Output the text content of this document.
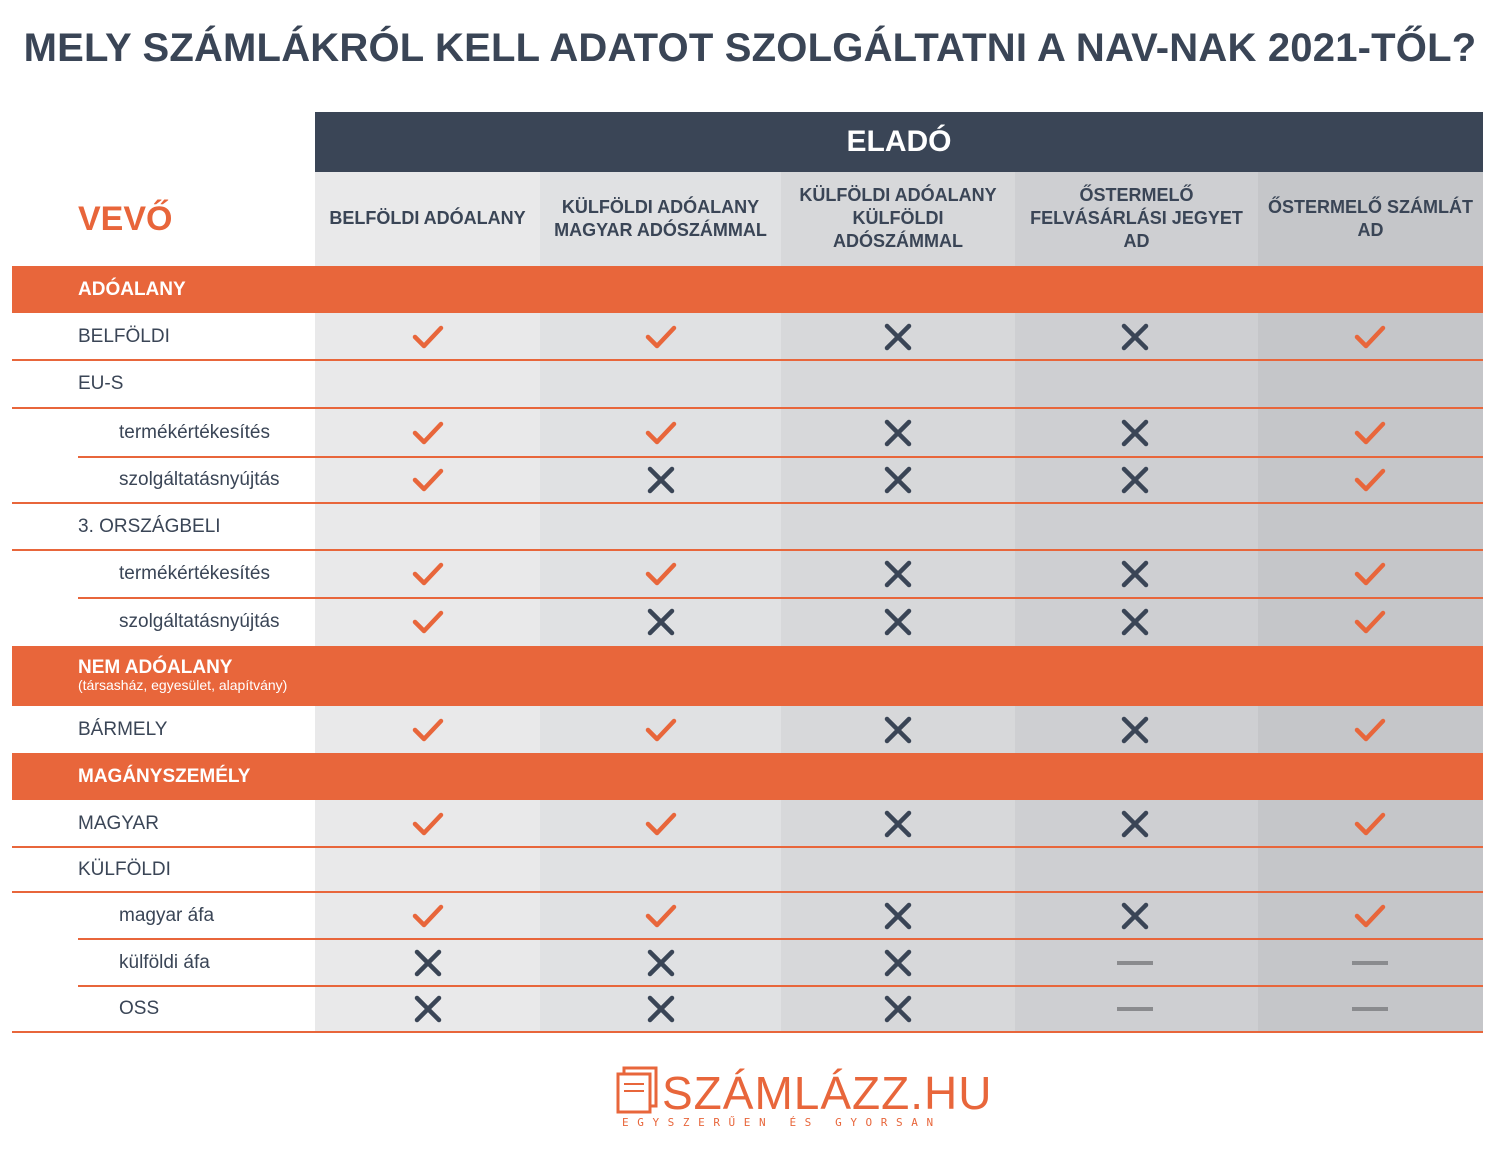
MELY SZÁMLÁKRÓL KELL ADATOT SZOLGÁLTATNI A NAV-NAK 2021-TŐL?
ELADÓ
VEVŐ	BELFÖLDI ADÓALANY
KÜLFÖLDI ADÓALANY MAGYAR ADÓSZÁMMAL
KÜLFÖLDI ADÓALANY KÜLFÖLDI ADÓSZÁMMAL
ŐSTERMELŐ FELVÁSÁRLÁSI JEGYET AD
ŐSTERMELŐ SZÁMLÁT AD
ADÓALANY
NEM ADÓALANY
(társasház, egyesület, alapítvány)
MAGÁNYSZEMÉLY
BELFÖLDI
EU-S
termékértékesítés
szolgáltatásnyújtás
3. ORSZÁGBELI
termékértékesítés
szolgáltatásnyújtás
BÁRMELY
MAGYAR
KÜLFÖLDI
magyar áfa
külföldi áfa
OSS
SZÁMLÁZZ.HU
EGYSZERŰEN ÉS GYORSAN
